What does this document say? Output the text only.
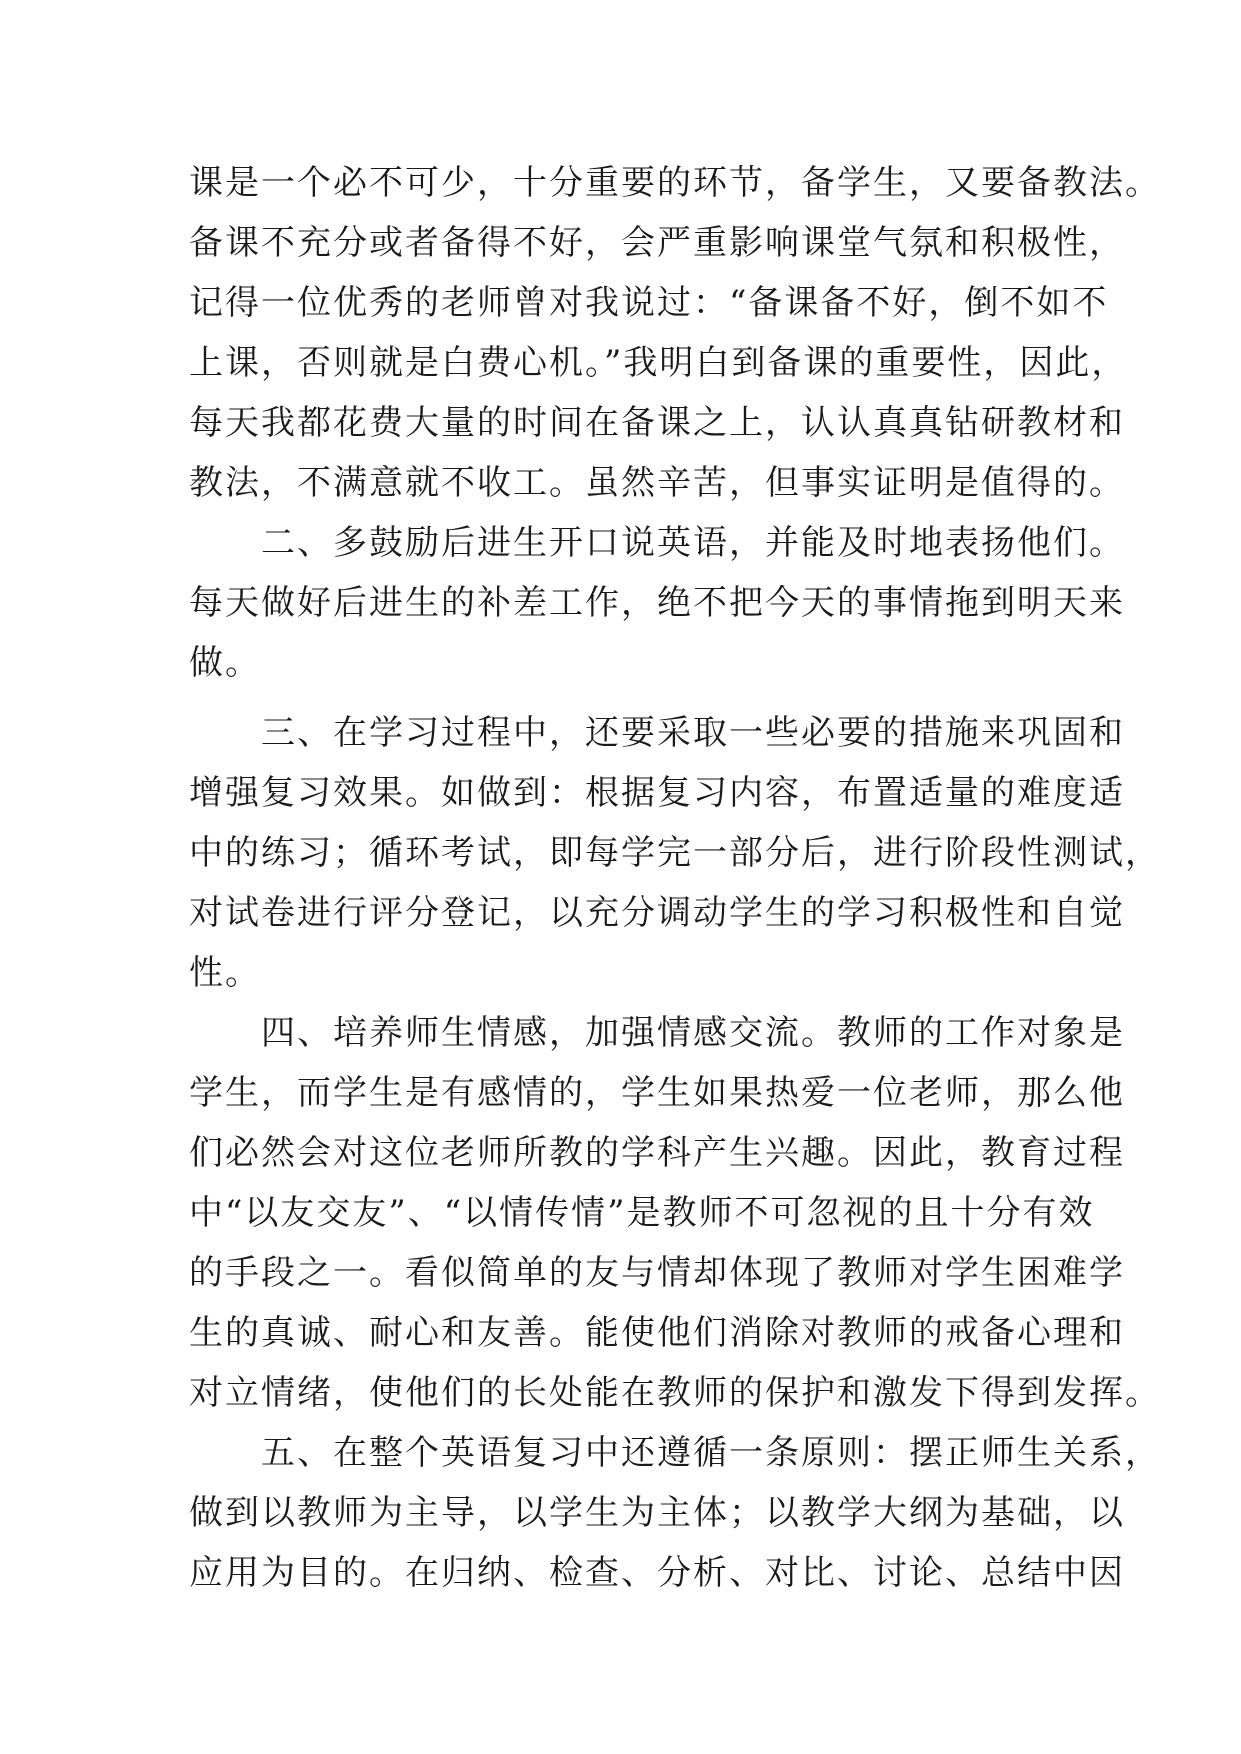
课是一个必不可少，十分重要的环节，备学生，又要备教法。
备课不充分或者备得不好，会严重影响课堂气氛和积极性，
记得一位优秀的老师曾对我说过：“备课备不好，倒不如不
上课，否则就是白费心机。”我明白到备课的重要性，因此，
每天我都花费大量的时间在备课之上，认认真真钻研教材和
教法，不满意就不收工。虽然辛苦，但事实证明是值得的。
二、多鼓励后进生开口说英语，并能及时地表扬他们。
每天做好后进生的补差工作，绝不把今天的事情拖到明天来
做。
三、在学习过程中，还要采取一些必要的措施来巩固和
增强复习效果。如做到：根据复习内容，布置适量的难度适
中的练习；循环考试，即每学完一部分后，进行阶段性测试，
对试卷进行评分登记，以充分调动学生的学习积极性和自觉
性。
四、培养师生情感，加强情感交流。教师的工作对象是
学生，而学生是有感情的，学生如果热爱一位老师，那么他
们必然会对这位老师所教的学科产生兴趣。因此，教育过程
中“以友交友”、“以情传情”是教师不可忽视的且十分有效
的手段之一。看似简单的友与情却体现了教师对学生困难学
生的真诚、耐心和友善。能使他们消除对教师的戒备心理和
对立情绪，使他们的长处能在教师的保护和激发下得到发挥。
五、在整个英语复习中还遵循一条原则：摆正师生关系，
做到以教师为主导，以学生为主体；以教学大纲为基础，以
应用为目的。在归纳、检查、分析、对比、讨论、总结中因
